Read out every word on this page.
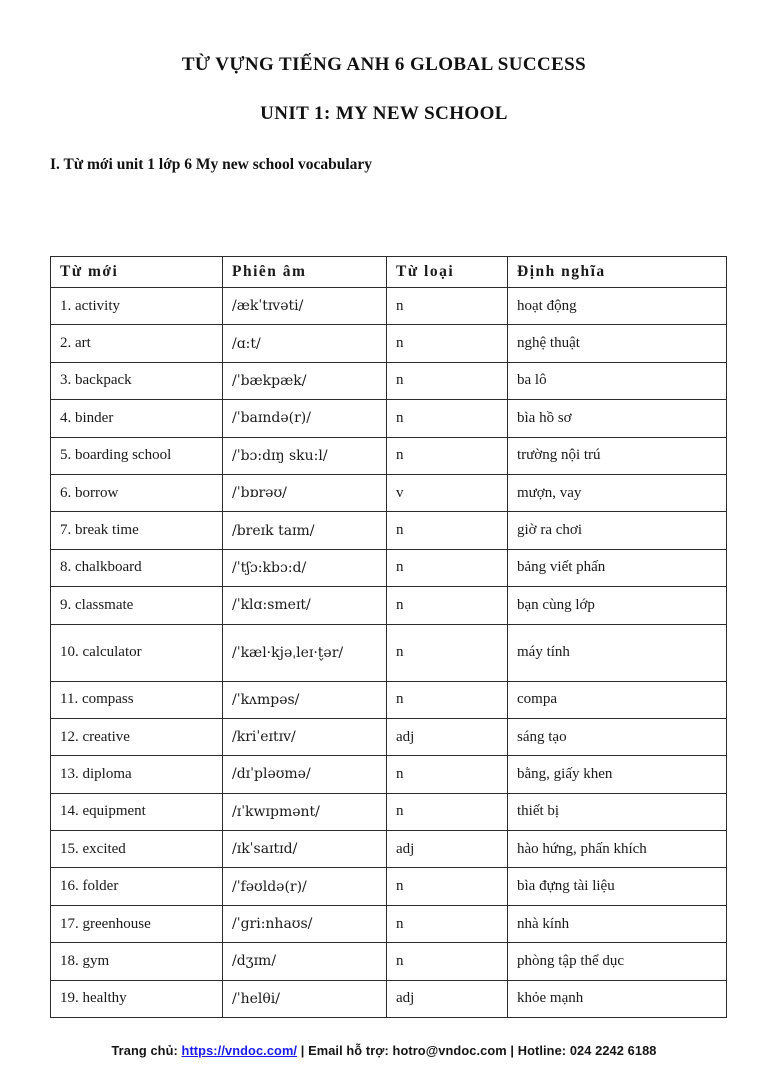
TỪ VỰNG TIẾNG ANH 6 GLOBAL SUCCESS
UNIT 1: MY NEW SCHOOL
I. Từ mới unit 1 lớp 6 My new school vocabulary
Từ mới	Phiên âm	Từ loại	Định nghĩa
1. activity	/ækˈtɪvəti/	n	hoạt động
2. art	/ɑ:t/	n	nghệ thuật
3. backpack	/ˈbækpæk/	n	ba lô
4. binder	/ˈbaɪndə(r)/	n	bìa hồ sơ
5. boarding school	/ˈbɔ:dɪŋ sku:l/	n	trường nội trú
6. borrow	/ˈbɒrəʊ/	v	mượn, vay
7. break time	/breɪk taɪm/	n	giờ ra chơi
8. chalkboard	/ˈtʃɔ:kbɔ:d/	n	bảng viết phấn
9. classmate	/ˈklɑ:smeɪt/	n	bạn cùng lớp
10. calculator	/ˈkæl·kjəˌleɪ·t̬ər/	n	máy tính
11. compass	/ˈkʌmpəs/	n	compa
12. creative	/kriˈeɪtɪv/	adj	sáng tạo
13. diploma	/dɪˈpləʊmə/	n	bằng, giấy khen
14. equipment	/ɪˈkwɪpmənt/	n	thiết bị
15. excited	/ɪkˈsaɪtɪd/	adj	hào hứng, phấn khích
16. folder	/ˈfəʊldə(r)/	n	bìa đựng tài liệu
17. greenhouse	/ˈgri:nhaʊs/	n	nhà kính
18. gym	/dʒɪm/	n	phòng tập thể dục
19. healthy	/ˈhelθi/	adj	khỏe mạnh
Trang chủ: https://vndoc.com/ | Email hỗ trợ: hotro@vndoc.com | Hotline: 024 2242 6188
